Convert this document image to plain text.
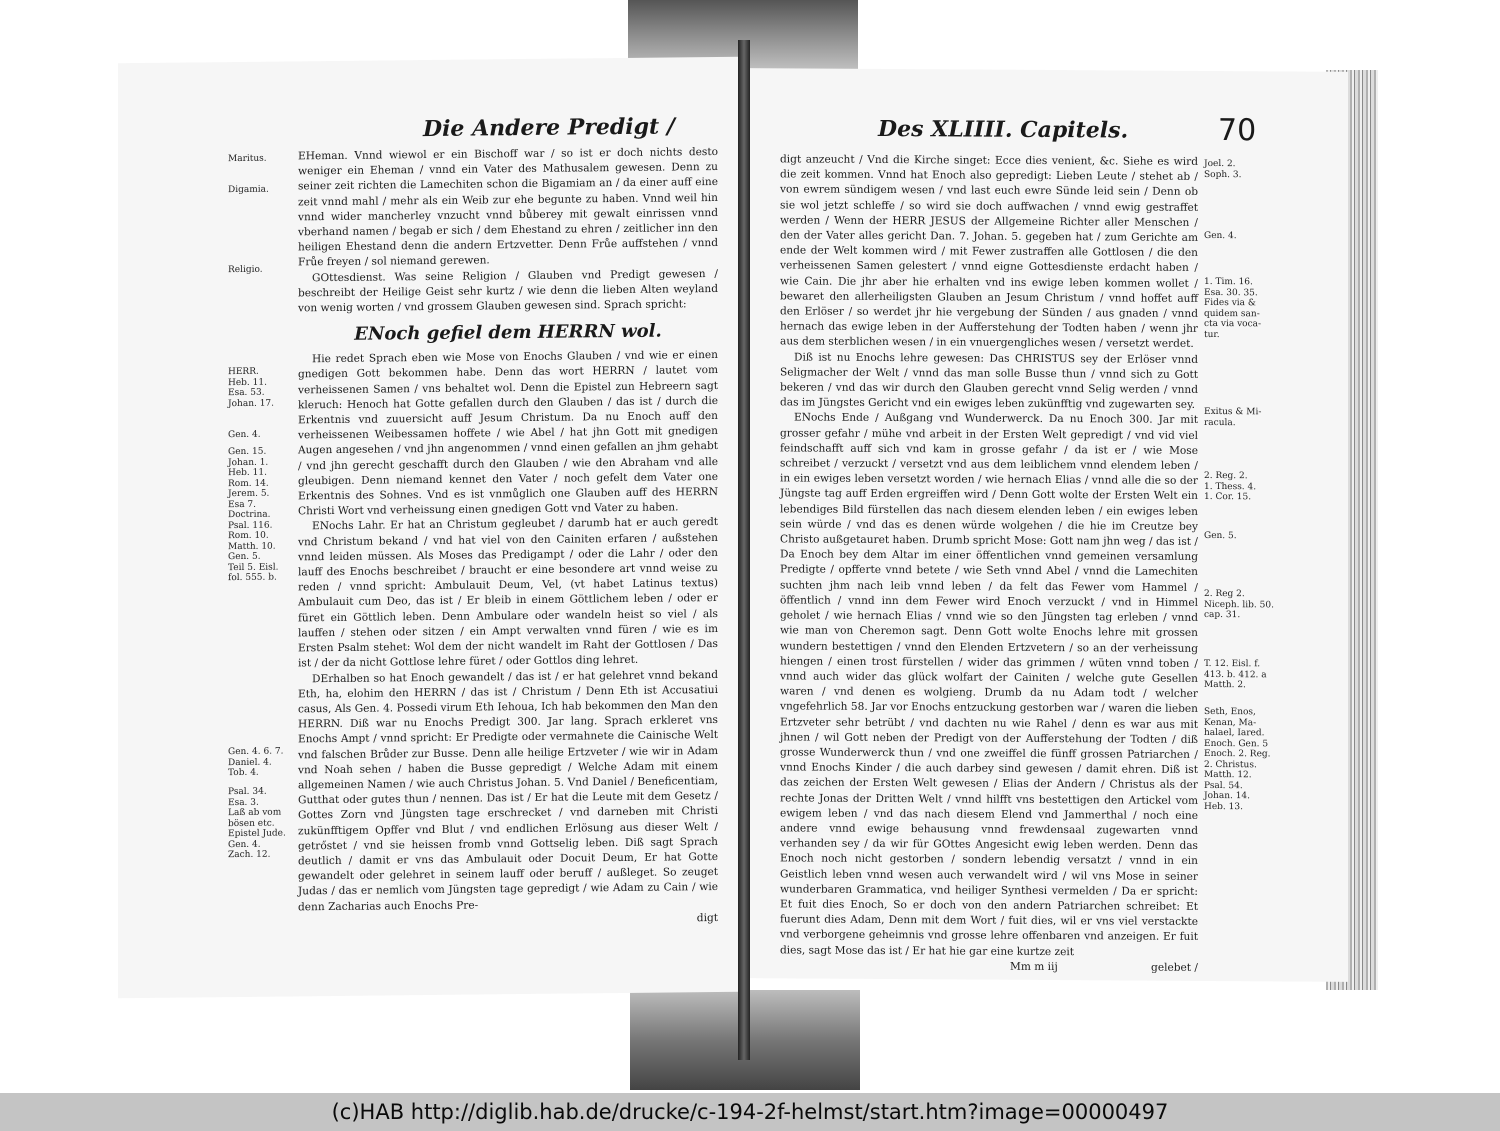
Die Andere Predigt /
Maritus.
Digamia.
Religio.
HERR.
Heb. 11.
Esa. 53.
Johan. 17.
Gen. 4.
Gen. 15.
Johan. 1.
Heb. 11.
Rom. 14.
Jerem. 5.
Esa 7.
Doctrina.
Psal. 116.
Rom. 10.
Matth. 10.
Gen. 5.
Teil 5. Eisl.
fol. 555. b.
Gen. 4. 6. 7.
Daniel. 4.
Tob. 4.
Psal. 34.
Esa. 3.
Laß ab vom
bösen etc.
Epistel Jude.
Gen. 4.
Zach. 12.

EHeman. Vnnd wiewol er ein Bischoff war / so ist er doch nichts desto weniger ein Eheman / vnnd ein Vater des Mathusalem gewesen. Denn zu seiner zeit richten die Lamechiten schon die Bigamiam an / da einer auff eine zeit vnnd mahl / mehr als ein Weib zur ehe begunte zu haben. Vnnd weil hin vnnd wider mancherley vnzucht vnnd bůberey mit gewalt einrissen vnnd vberhand namen / begab er sich / dem Ehestand zu ehren / zeitlicher inn den heiligen Ehestand denn die andern Ertzvetter. Denn Frůe auffstehen / vnnd Frůe freyen / sol niemand gerewen.

GOttesdienst. Was seine Religion / Glauben vnd Predigt gewesen / beschreibt der Heilige Geist sehr kurtz / wie denn die lieben Alten weyland von wenig worten / vnd grossem Glauben gewesen sind. Sprach spricht:

ENoch gefiel dem HERRN wol.

Hie redet Sprach eben wie Mose von Enochs Glauben / vnd wie er einen gnedigen Gott bekommen habe. Denn das wort HERRN / lautet vom verheissenen Samen / vns behaltet wol. Denn die Epistel zun Hebreern sagt kleruch: Henoch hat Gotte gefallen durch den Glauben / das ist / durch die Erkentnis vnd zuuersicht auff Jesum Christum. Da nu Enoch auff den verheissenen Weibessamen hoffete / wie Abel / hat jhn Gott mit gnedigen Augen angesehen / vnd jhn angenommen / vnnd einen gefallen an jhm gehabt / vnd jhn gerecht geschafft durch den Glauben / wie den Abraham vnd alle gleubigen. Denn niemand kennet den Vater / noch gefelt dem Vater one Erkentnis des Sohnes. Vnd es ist vnmůglich one Glauben auff des HERRN Christi Wort vnd verheissung einen gnedigen Gott vnd Vater zu haben.

ENochs Lahr. Er hat an Christum gegleubet / darumb hat er auch geredt vnd Christum bekand / vnd hat viel von den Cainiten erfaren / außstehen vnnd leiden müssen. Als Moses das Predigampt / oder die Lahr / oder den lauff des Enochs beschreibet / braucht er eine besondere art vnnd weise zu reden / vnnd spricht: Ambulauit Deum, Vel, (vt habet Latinus textus) Ambulauit cum Deo, das ist / Er bleib in einem Göttlichem leben / oder er füret ein Göttlich leben. Denn Ambulare oder wandeln heist so viel / als lauffen / stehen oder sitzen / ein Ampt verwalten vnnd füren / wie es im Ersten Psalm stehet: Wol dem der nicht wandelt im Raht der Gottlosen / Das ist / der da nicht Gottlose lehre füret / oder Gottlos ding lehret.

DErhalben so hat Enoch gewandelt / das ist / er hat gelehret vnnd bekand Eth, ha, elohim den HERRN / das ist / Christum / Denn Eth ist Accusatiui casus, Als Gen. 4. Possedi virum Eth Iehoua, Ich hab bekommen den Man den HERRN. Diß war nu Enochs Predigt 300. Jar lang. Sprach erkleret vns Enochs Ampt / vnnd spricht: Er Predigte oder vermahnete die Cainische Welt vnd falschen Brůder zur Busse. Denn alle heilige Ertzveter / wie wir in Adam vnd Noah sehen / haben die Busse gepredigt / Welche Adam mit einem allgemeinen Namen / wie auch Christus Johan. 5. Vnd Daniel / Beneficentiam, Gutthat oder gutes thun / nennen. Das ist / Er hat die Leute mit dem Gesetz / Gottes Zorn vnd Jüngsten tage erschrecket / vnd darneben mit Christi zukünfftigem Opffer vnd Blut / vnd endlichen Erlösung aus dieser Welt / getrőstet / vnd sie heissen fromb vnnd Gottselig leben. Diß sagt Sprach deutlich / damit er vns das Ambulauit oder Docuit Deum, Er hat Gotte gewandelt oder gelehret in seinem lauff oder beruff / außleget. So zeuget Judas / das er nemlich vom Jüngsten tage gepredigt / wie Adam zu Cain / wie denn Zacharias auch Enochs Pre-

digt
Des XLIIII. Capitels.	70

digt anzeucht / Vnd die Kirche singet: Ecce dies venient, &c. Siehe es wird die zeit kommen. Vnnd hat Enoch also gepredigt: Lieben Leute / stehet ab / von ewrem sündigem wesen / vnd last euch ewre Sünde leid sein / Denn ob sie wol jetzt schleffe / so wird sie doch auffwachen / vnnd ewig gestraffet werden / Wenn der HERR JESUS der Allgemeine Richter aller Menschen / den der Vater alles gericht Dan. 7. Johan. 5. gegeben hat / zum Gerichte am ende der Welt kommen wird / mit Fewer zustraffen alle Gottlosen / die den verheissenen Samen gelestert / vnnd eigne Gottesdienste erdacht haben / wie Cain. Die jhr aber hie erhalten vnd ins ewige leben kommen wollet / bewaret den allerheiligsten Glauben an Jesum Christum / vnnd hoffet auff den Erlöser / so werdet jhr hie vergebung der Sünden / aus gnaden / vnnd hernach das ewige leben in der Aufferstehung der Todten haben / wenn jhr aus dem sterblichen wesen / in ein vnuergengliches wesen / versetzt werdet.

Diß ist nu Enochs lehre gewesen: Das CHRISTUS sey der Erlöser vnnd Seligmacher der Welt / vnnd das man solle Busse thun / vnnd sich zu Gott bekeren / vnd das wir durch den Glauben gerecht vnnd Selig werden / vnnd das im Jüngstes Gericht vnd ein ewiges leben zukünfftig vnd zugewarten sey.

ENochs Ende / Außgang vnd Wunderwerck. Da nu Enoch 300. Jar mit grosser gefahr / mühe vnd arbeit in der Ersten Welt gepredigt / vnd vid viel feindschafft auff sich vnd kam in grosse gefahr / da ist er / wie Mose schreibet / verzuckt / versetzt vnd aus dem leiblichem vnnd elendem leben / in ein ewiges leben versetzt worden / wie hernach Elias / vnnd alle die so der Jüngste tag auff Erden ergreiffen wird / Denn Gott wolte der Ersten Welt ein lebendiges Bild fürstellen das nach diesem elenden leben / ein ewiges leben sein würde / vnd das es denen würde wolgehen / die hie im Creutze bey Christo außgetauret haben. Drumb spricht Mose: Gott nam jhn weg / das ist / Da Enoch bey dem Altar im einer öffentlichen vnnd gemeinen versamlung Predigte / opfferte vnnd betete / wie Seth vnnd Abel / vnnd die Lamechiten suchten jhm nach leib vnnd leben / da felt das Fewer vom Hammel / öffentlich / vnnd inn dem Fewer wird Enoch verzuckt / vnd in Himmel geholet / wie hernach Elias / vnnd wie so den Jüngsten tag erleben / vnnd wie man von Cheremon sagt. Denn Gott wolte Enochs lehre mit grossen wundern bestettigen / vnnd den Elenden Ertzvetern / so an der verheissung hiengen / einen trost fürstellen / wider das grimmen / wüten vnnd toben / vnnd auch wider das glück wolfart der Cainiten / welche gute Gesellen waren / vnd denen es wolgieng. Drumb da nu Adam todt / welcher vngefehrlich 58. Jar vor Enochs entzuckung gestorben war / waren die lieben Ertzveter sehr betrübt / vnd dachten nu wie Rahel / denn es war aus mit jhnen / wil Gott neben der Predigt von der Aufferstehung der Todten / diß grosse Wunderwerck thun / vnd one zweiffel die fünff grossen Patriarchen / vnnd Enochs Kinder / die auch darbey sind gewesen / damit ehren. Diß ist das zeichen der Ersten Welt gewesen / Elias der Andern / Christus als der rechte Jonas der Dritten Welt / vnnd hilfft vns bestettigen den Artickel vom ewigem leben / vnd das nach diesem Elend vnd Jammerthal / noch eine andere vnnd ewige behausung vnnd frewdensaal zugewarten vnnd verhanden sey / da wir für GOttes Angesicht ewig leben werden. Denn das Enoch noch nicht gestorben / sondern lebendig versatzt / vnnd in ein Geistlich leben vnnd wesen auch verwandelt wird / wil vns Mose in seiner wunderbaren Grammatica, vnd heiliger Synthesi vermelden / Da er spricht: Et fuit dies Enoch, So er doch von den andern Patriarchen schreibet: Et fuerunt dies Adam, Denn mit dem Wort / fuit dies, wil er vns viel verstackte vnd verborgene geheimnis vnd grosse lehre offenbaren vnd anzeigen. Er fuit dies, sagt Mose das ist / Er hat hie gar eine kurtze zeit

Mm m iij	gelebet /
Joel. 2.
Soph. 3.
Gen. 4.
1. Tim. 16.
Esa. 30. 35.
Fides via &
quidem san-
cta via voca-
tur.
Exitus & Mi-
racula.
2. Reg. 2.
1. Thess. 4.
1. Cor. 15.
Gen. 5.
2. Reg 2.
Niceph. lib. 50.
cap. 31.
T. 12. Eisl. f.
413. b. 412. a
Matth. 2.
Seth, Enos,
Kenan, Ma-
halael, Iared.
Enoch. Gen. 5
Enoch. 2. Reg.
2. Christus.
Matth. 12.
Psal. 54.
Johan. 14.
Heb. 13.
(c)HAB http://diglib.hab.de/drucke/c-194-2f-helmst/start.htm?image=00000497
